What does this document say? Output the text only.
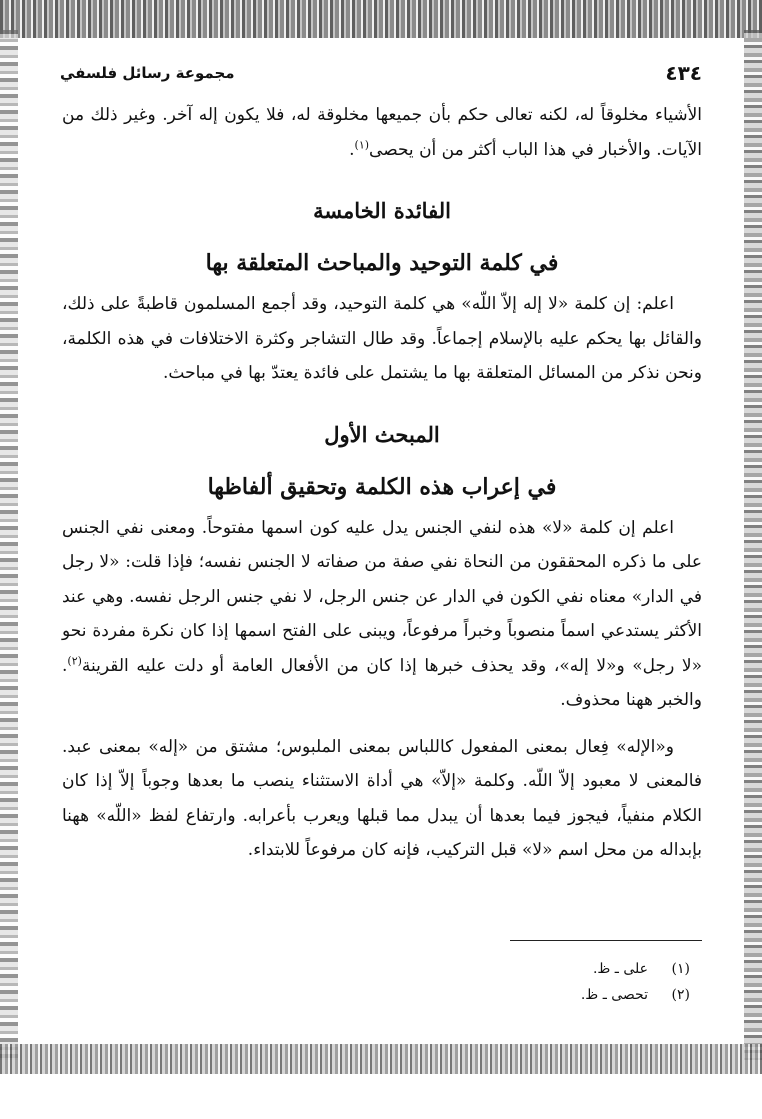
٤٣٤
مجموعة رسائل فلسفي

الأشياء مخلوقاً له، لكنه تعالى حكم بأن جميعها مخلوقة له، فلا يكون إله آخر. وغير ذلك من الآيات. والأخبار في هذا الباب أكثر من أن يحصى$^{(١)}$.

الفائدة الخامسة
في كلمة التوحيد والمباحث المتعلقة بها

اعلم: إن كلمة «لا إله إلاّ اللّه» هي كلمة التوحيد، وقد أجمع المسلمون قاطبةً على ذلك، والقائل بها يحكم عليه بالإسلام إجماعاً. وقد طال التشاجر وكثرة الاختلافات في هذه الكلمة، ونحن نذكر من المسائل المتعلقة بها ما يشتمل على فائدة يعتدّ بها في مباحث.

المبحث الأول
في إعراب هذه الكلمة وتحقيق ألفاظها

اعلم إن كلمة «لا» هذه لنفي الجنس يدل عليه كون اسمها مفتوحاً. ومعنى نفي الجنس على ما ذكره المحققون من النحاة نفي صفة من صفاته لا الجنس نفسه؛ فإذا قلت: «لا رجل في الدار» معناه نفي الكون في الدار عن جنس الرجل، لا نفي جنس الرجل نفسه. وهي عند الأكثر يستدعي اسماً منصوباً وخبراً مرفوعاً، ويبنى على الفتح اسمها إذا كان نكرة مفردة نحو «لا رجل» و«لا إله»، وقد يحذف خبرها إذا كان من الأفعال العامة أو دلت عليه القرينة$^{(٢)}$. والخبر ههنا محذوف.

و«الإله» فِعال بمعنى المفعول كاللباس بمعنى الملبوس؛ مشتق من «إله» بمعنى عبد. فالمعنى لا معبود إلاّ اللّه. وكلمة «إلاّ» هي أداة الاستثناء ينصب ما بعدها وجوباً إلاّ إذا كان الكلام منفياً، فيجوز فيما بعدها أن يبدل مما قبلها ويعرب بأعرابه. وارتفاع لفظ «اللّه» ههنا بإبداله من محل اسم «لا» قبل التركيب، فإنه كان مرفوعاً للابتداء.

(١)
على ـ ظ.
(٢)
تحصى ـ ظ.
